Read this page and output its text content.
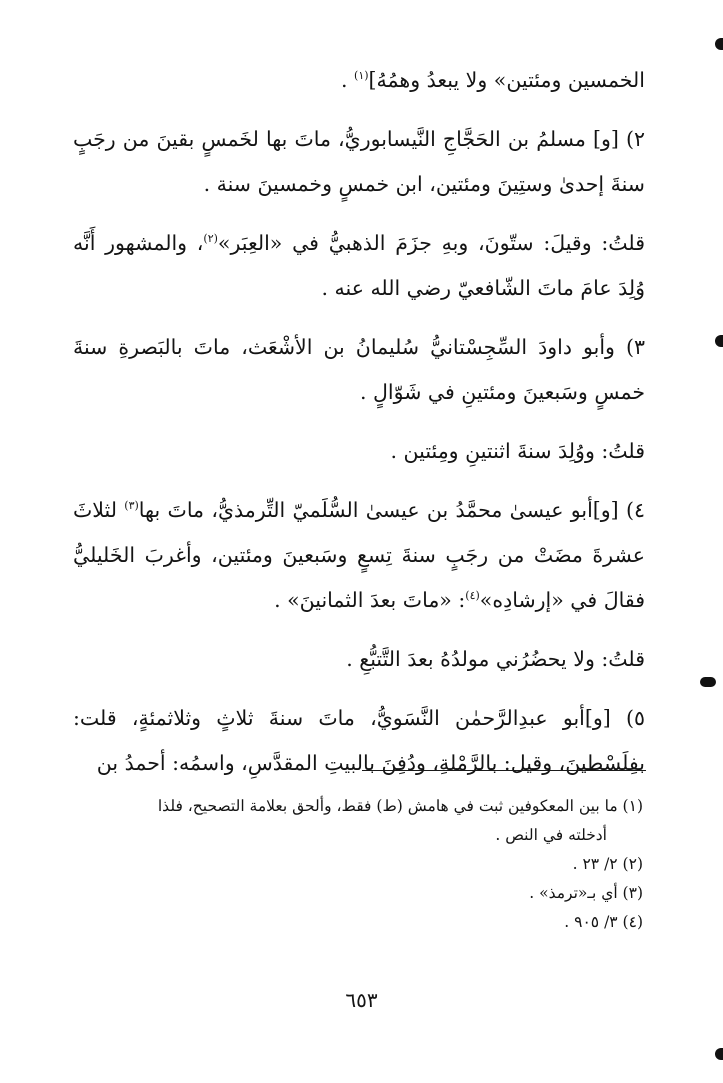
الخمسين ومئتين» ولا يبعدُ وهمُهُ]$^{(١)}$ .

٢) [و] مسلمُ بن الحَجَّاجِ النَّيسابوريُّ، ماتَ بها لخَمسٍ بقينَ من رجَبٍ سنةَ إحدىٰ وستِينَ ومئتين، ابن خمسٍ وخمسينَ سنة .

قلتُ: وقيلَ: ستّونَ، وبهِ جزَمَ الذهبيُّ في «العِبَر»$^{(٢)}$، والمشهور أَنَّه وُلِدَ عامَ ماتَ الشّافعيّ رضي الله عنه .

٣) وأبو داودَ السِّجِسْتانيُّ سُليمانُ بن الأشْعَث، ماتَ بالبَصرةِ سنةَ خمسٍ وسَبعينَ ومئتينِ في شَوّالٍ .

قلتُ: ووُلِدَ سنةَ اثنتينِ ومِئتين .

٤) [و]أبو عيسىٰ محمَّدُ بن عيسىٰ السُّلَميّ التِّرمذيُّ، ماتَ بها$^{(٣)}$ لثلاثَ عشرةَ مضَتْ من رجَبٍ سنةَ تِسعٍ وسَبعينَ ومئتين، وأغربَ الخَليليُّ فقالَ في «إرشادِه»$^{(٤)}$: «ماتَ بعدَ الثمانينَ» .

قلتُ: ولا يحضُرُني مولدُهُ بعدَ التَّتبُّعِ .

٥) [و]أبو عبدِالرَّحمٰن النَّسَويُّ، ماتَ سنةَ ثلاثٍ وثلاثمئةٍ، قلت: بفِلَسْطينَ، وقيل: بالرَّمْلةِ، ودُفِنَ بالبيتِ المقدَّسِ، واسمُه: أحمدُ بن

(١) ما بين المعكوفين ثبت في هامش (ط) فقط، وألحق بعلامة التصحيح، فلذا

أدخلته في النص .

(٢) ٢/ ٢٣ .

(٣) أي بـ«ترمذ» .

(٤) ٣/ ٩٠٥ .

٦٥٣
